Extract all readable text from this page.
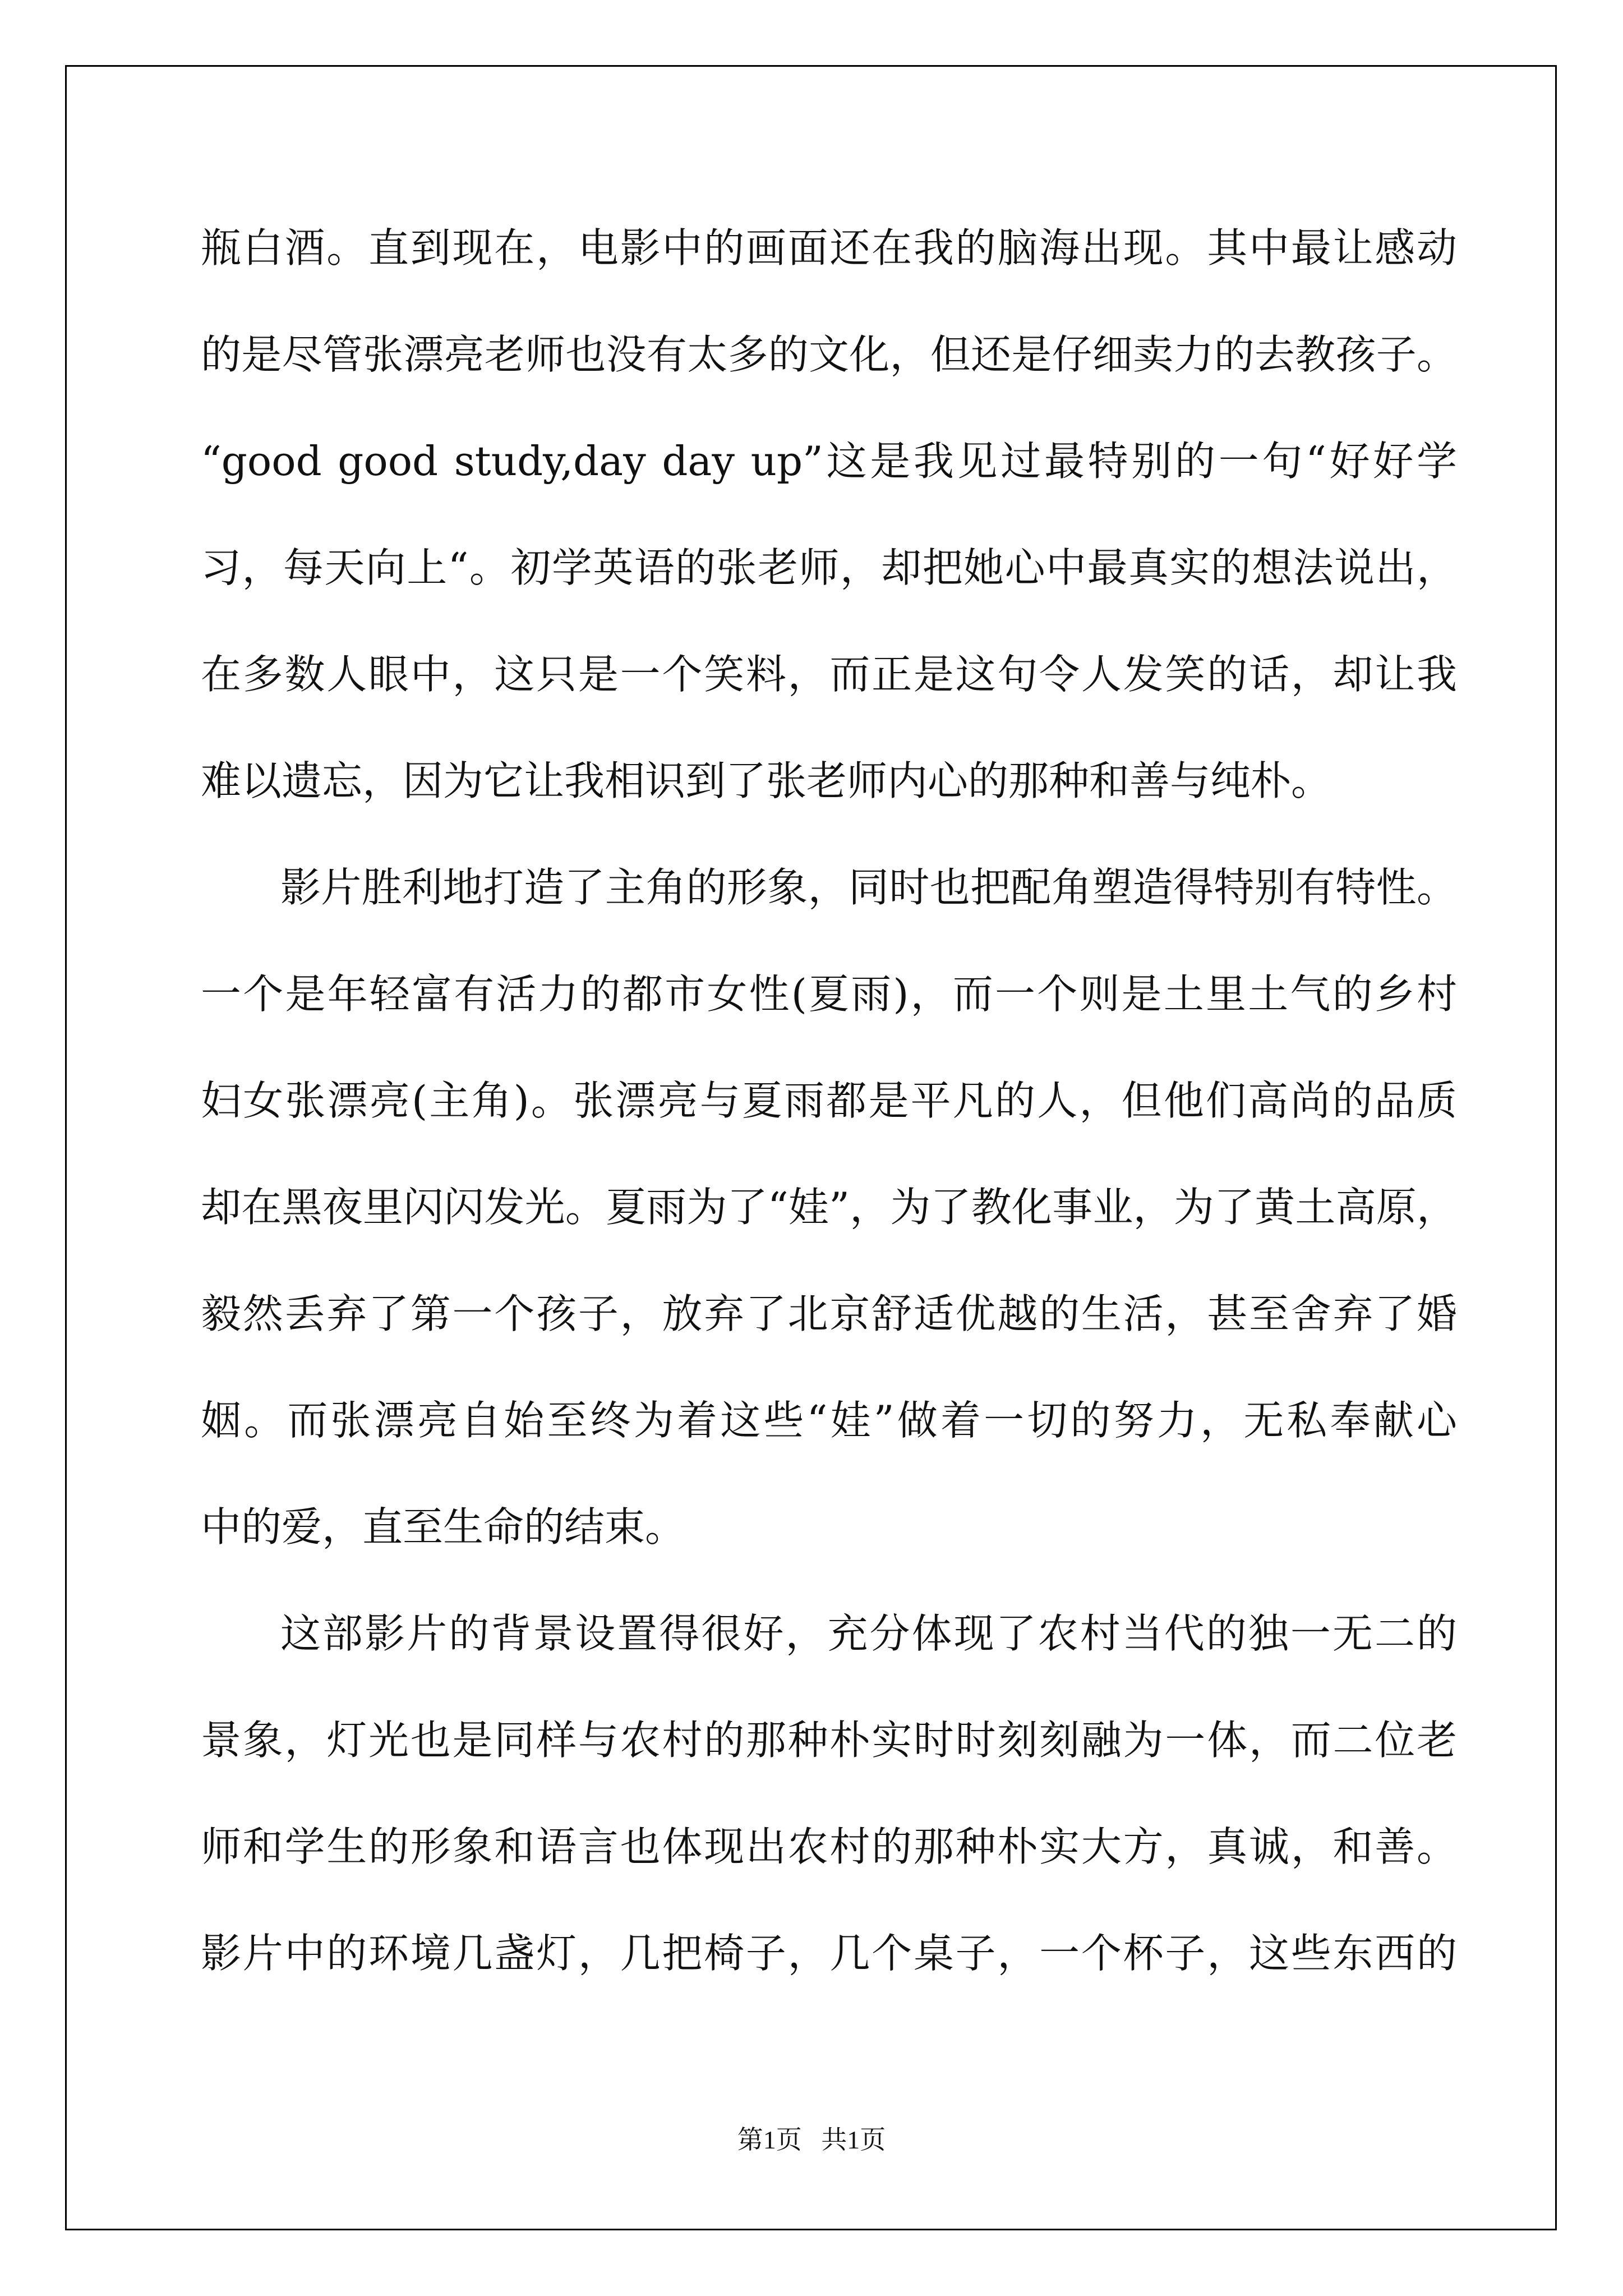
瓶白酒。直到现在，电影中的画面还在我的脑海出现。其中最让感动

的是尽管张漂亮老师也没有太多的文化，但还是仔细卖力的去教孩子。

“good good study,day day up”这是我见过最特别的一句“好好学

习，每天向上“。初学英语的张老师，却把她心中最真实的想法说出，

在多数人眼中，这只是一个笑料，而正是这句令人发笑的话，却让我

难以遗忘，因为它让我相识到了张老师内心的那种和善与纯朴。

影片胜利地打造了主角的形象，同时也把配角塑造得特别有特性。

一个是年轻富有活力的都市女性(夏雨)，而一个则是土里土气的乡村

妇女张漂亮(主角)。张漂亮与夏雨都是平凡的人，但他们高尚的品质

却在黑夜里闪闪发光。夏雨为了“娃”，为了教化事业，为了黄土高原，

毅然丢弃了第一个孩子，放弃了北京舒适优越的生活，甚至舍弃了婚

姻。而张漂亮自始至终为着这些“娃”做着一切的努力，无私奉献心

中的爱，直至生命的结束。

这部影片的背景设置得很好，充分体现了农村当代的独一无二的

景象，灯光也是同样与农村的那种朴实时时刻刻融为一体，而二位老

师和学生的形象和语言也体现出农村的那种朴实大方，真诚，和善。

影片中的环境几盏灯，几把椅子，几个桌子，一个杯子，这些东西的

第1页   共1页
